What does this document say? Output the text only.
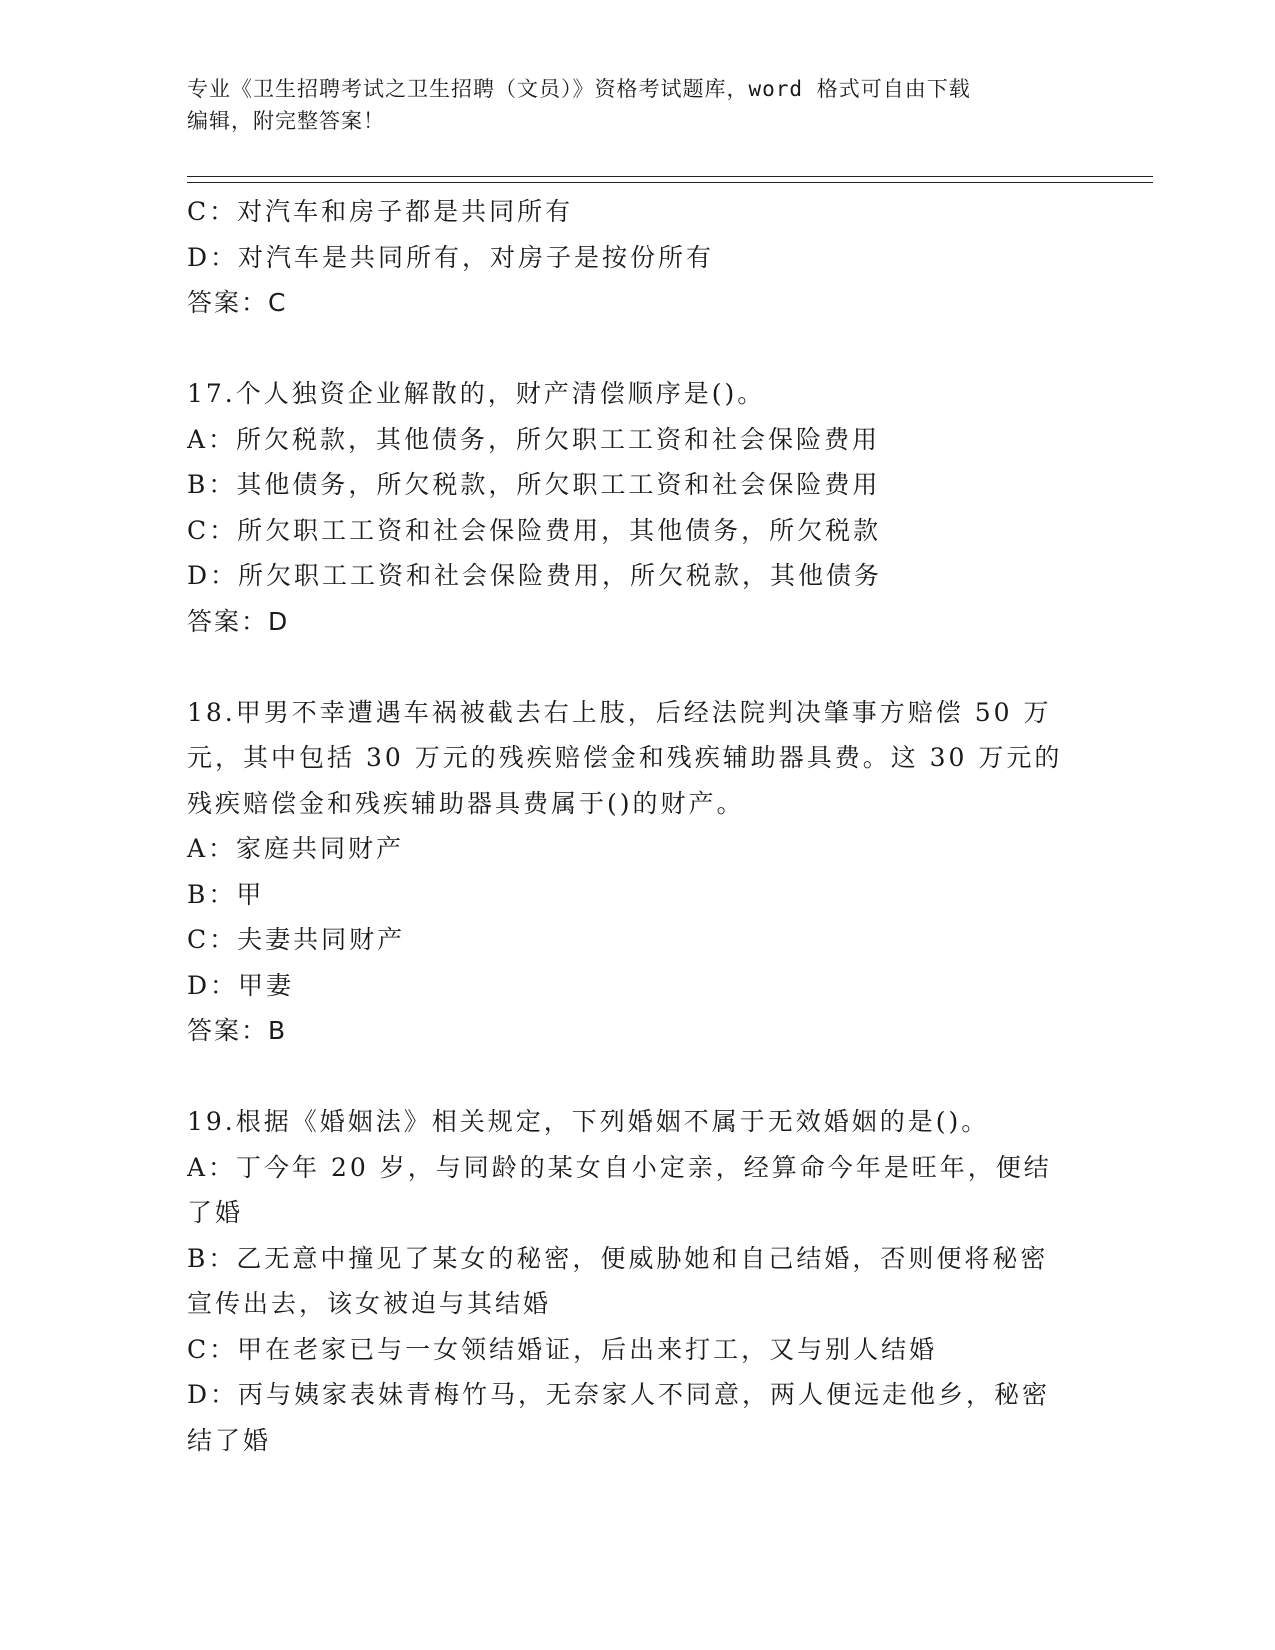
专业《卫生招聘考试之卫生招聘（文员）》资格考试题库，word 格式可自由下载
编辑，附完整答案！
C：对汽车和房子都是共同所有
D：对汽车是共同所有，对房子是按份所有
答案：C
17.个人独资企业解散的，财产清偿顺序是()。
A：所欠税款，其他债务，所欠职工工资和社会保险费用
B：其他债务，所欠税款，所欠职工工资和社会保险费用
C：所欠职工工资和社会保险费用，其他债务，所欠税款
D：所欠职工工资和社会保险费用，所欠税款，其他债务
答案：D
18.甲男不幸遭遇车祸被截去右上肢，后经法院判决肇事方赔偿 50 万
元，其中包括 30 万元的残疾赔偿金和残疾辅助器具费。这 30 万元的
残疾赔偿金和残疾辅助器具费属于()的财产。
A：家庭共同财产
B：甲
C：夫妻共同财产
D：甲妻
答案：B
19.根据《婚姻法》相关规定，下列婚姻不属于无效婚姻的是()。
A：丁今年 20 岁，与同龄的某女自小定亲，经算命今年是旺年，便结
了婚
B：乙无意中撞见了某女的秘密，便威胁她和自己结婚，否则便将秘密
宣传出去，该女被迫与其结婚
C：甲在老家已与一女领结婚证，后出来打工，又与别人结婚
D：丙与姨家表妹青梅竹马，无奈家人不同意，两人便远走他乡，秘密
结了婚
